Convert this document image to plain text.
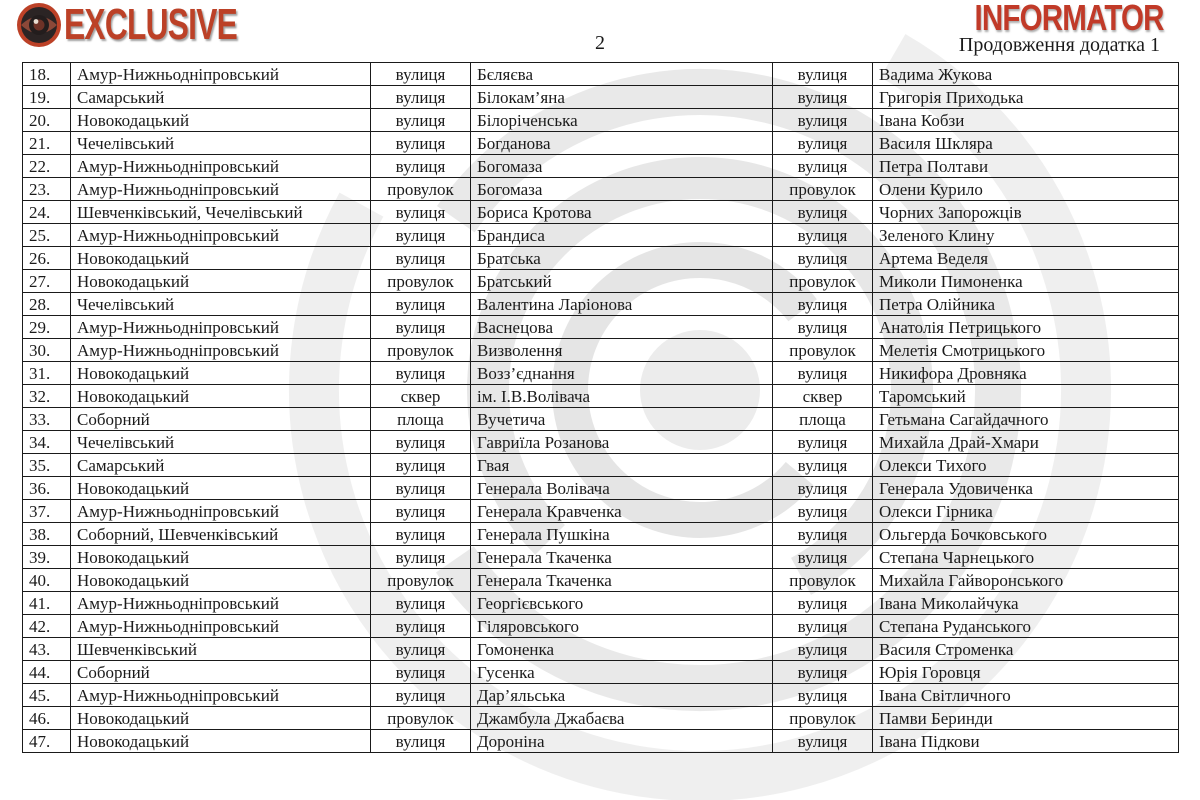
EXCLUSIVE	INFORMATOR
2	Продовження додатка 1
18.	Амур-Нижньодніпровський	вулиця	Бєляєва	вулиця	Вадима Жукова
19.	Самарський	вулиця	Білокам’яна	вулиця	Григорія Приходька
20.	Новокодацький	вулиця	Білоріченська	вулиця	Івана Кобзи
21.	Чечелівський	вулиця	Богданова	вулиця	Василя Шкляра
22.	Амур-Нижньодніпровський	вулиця	Богомаза	вулиця	Петра Полтави
23.	Амур-Нижньодніпровський	провулок	Богомаза	провулок	Олени Курило
24.	Шевченківський, Чечелівський	вулиця	Бориса Кротова	вулиця	Чорних Запорожців
25.	Амур-Нижньодніпровський	вулиця	Брандиса	вулиця	Зеленого Клину
26.	Новокодацький	вулиця	Братська	вулиця	Артема Веделя
27.	Новокодацький	провулок	Братський	провулок	Миколи Пимоненка
28.	Чечелівський	вулиця	Валентина Ларіонова	вулиця	Петра Олійника
29.	Амур-Нижньодніпровський	вулиця	Васнецова	вулиця	Анатолія Петрицького
30.	Амур-Нижньодніпровський	провулок	Визволення	провулок	Мелетія Смотрицького
31.	Новокодацький	вулиця	Возз’єднання	вулиця	Никифора Дровняка
32.	Новокодацький	сквер	ім. І.В.Волівача	сквер	Таромський
33.	Соборний	площа	Вучетича	площа	Гетьмана Сагайдачного
34.	Чечелівський	вулиця	Гавриїла Розанова	вулиця	Михайла Драй-Хмари
35.	Самарський	вулиця	Гвая	вулиця	Олекси Тихого
36.	Новокодацький	вулиця	Генерала Волівача	вулиця	Генерала Удовиченка
37.	Амур-Нижньодніпровський	вулиця	Генерала Кравченка	вулиця	Олекси Гірника
38.	Соборний, Шевченківський	вулиця	Генерала Пушкіна	вулиця	Ольгерда Бочковського
39.	Новокодацький	вулиця	Генерала Ткаченка	вулиця	Степана Чарнецького
40.	Новокодацький	провулок	Генерала Ткаченка	провулок	Михайла Гайворонського
41.	Амур-Нижньодніпровський	вулиця	Георгієвського	вулиця	Івана Миколайчука
42.	Амур-Нижньодніпровський	вулиця	Гіляровського	вулиця	Степана Руданського
43.	Шевченківський	вулиця	Гомоненка	вулиця	Василя Строменка
44.	Соборний	вулиця	Гусенка	вулиця	Юрія Горовця
45.	Амур-Нижньодніпровський	вулиця	Дар’яльська	вулиця	Івана Світличного
46.	Новокодацький	провулок	Джамбула Джабаєва	провулок	Памви Беринди
47.	Новокодацький	вулиця	Дороніна	вулиця	Івана Підкови
